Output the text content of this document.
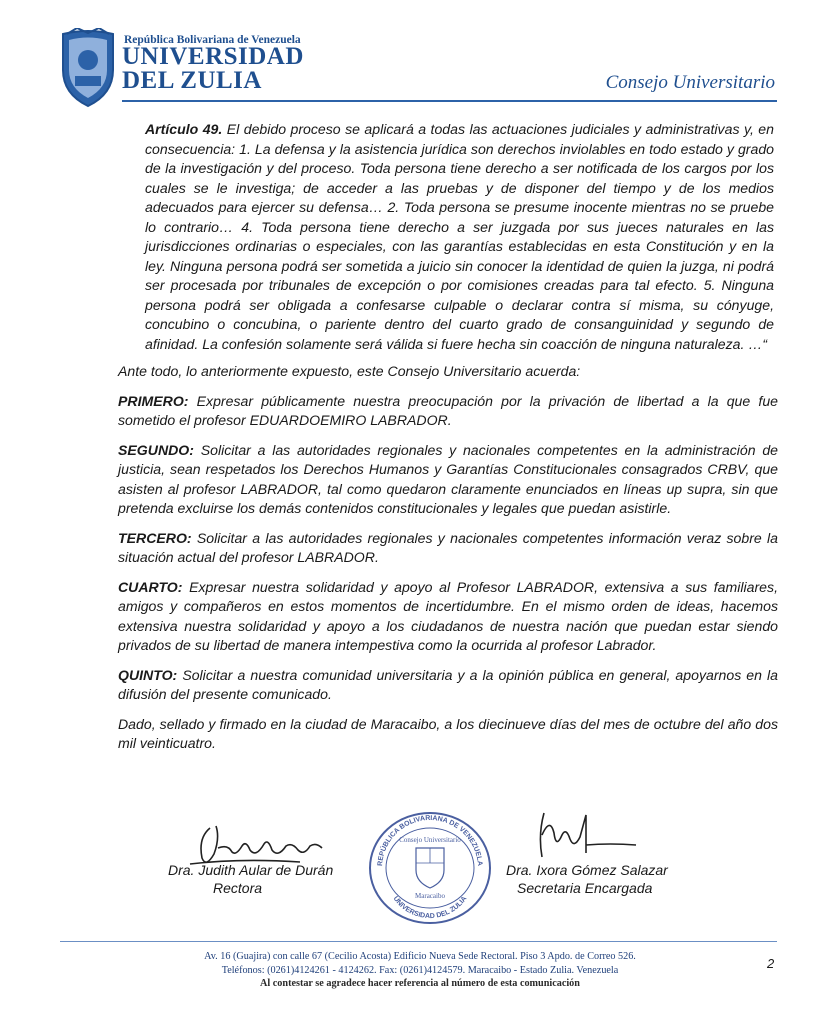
República Bolivariana de Venezuela
UNIVERSIDAD
DEL ZULIA	Consejo Universitario
Artículo 49. El debido proceso se aplicará a todas las actuaciones judiciales y administrativas y, en consecuencia: 1. La defensa y la asistencia jurídica son derechos inviolables en todo estado y grado de la investigación y del proceso. Toda persona tiene derecho a ser notificada de los cargos por los cuales se le investiga; de acceder a las pruebas y de disponer del tiempo y de los medios adecuados para ejercer su defensa… 2. Toda persona se presume inocente mientras no se pruebe lo contrario… 4. Toda persona tiene derecho a ser juzgada por sus jueces naturales en las jurisdicciones ordinarias o especiales, con las garantías establecidas en esta Constitución y en la ley. Ninguna persona podrá ser sometida a juicio sin conocer la identidad de quien la juzga, ni podrá ser procesada por tribunales de excepción o por comisiones creadas para tal efecto. 5. Ninguna persona podrá ser obligada a confesarse culpable o declarar contra sí misma, su cónyuge, concubino o concubina, o pariente dentro del cuarto grado de consanguinidad y segundo de afinidad. La confesión solamente será válida si fuere hecha sin coacción de ninguna naturaleza. …“

Ante todo, lo anteriormente expuesto, este Consejo Universitario acuerda:

PRIMERO: Expresar públicamente nuestra preocupación por la privación de libertad a la que fue sometido el profesor EDUARDOEMIRO LABRADOR.

SEGUNDO: Solicitar a las autoridades regionales y nacionales competentes en la administración de justicia, sean respetados los Derechos Humanos y Garantías Constitucionales consagrados CRBV, que asisten al profesor LABRADOR, tal como quedaron claramente enunciados en líneas up supra, sin que pretenda excluirse los demás contenidos constitucionales y legales que puedan asistirle.

TERCERO: Solicitar a las autoridades regionales y nacionales competentes información veraz sobre la situación actual del profesor LABRADOR.

CUARTO: Expresar nuestra solidaridad y apoyo al Profesor LABRADOR, extensiva a sus familiares, amigos y compañeros en estos momentos de incertidumbre. En el mismo orden de ideas, hacemos extensiva nuestra solidaridad y apoyo a los ciudadanos de nuestra nación que puedan estar siendo privados de su libertad de manera intempestiva como la ocurrida al profesor Labrador.

QUINTO: Solicitar a nuestra comunidad universitaria y a la opinión pública en general, apoyarnos en la difusión del presente comunicado.

Dado, sellado y firmado en la ciudad de Maracaibo, a los diecinueve días del mes de octubre del año dos mil veinticuatro.

REPÚBLICA BOLIVARIANA DE VENEZUELA
Consejo Universitario
Maracaibo
UNIVERSIDAD DEL ZULIA
Dra. Judith Aular de Durán
Rectora
Dra. Ixora Gómez Salazar
Secretaria Encargada
Av. 16 (Guajira) con calle 67 (Cecilio Acosta) Edificio Nueva Sede Rectoral. Piso 3 Apdo. de Correo 526.
Teléfonos: (0261)4124261 - 4124262. Fax: (0261)4124579. Maracaibo - Estado Zulia. Venezuela
Al contestar se agradece hacer referencia al número de esta comunicación
2
